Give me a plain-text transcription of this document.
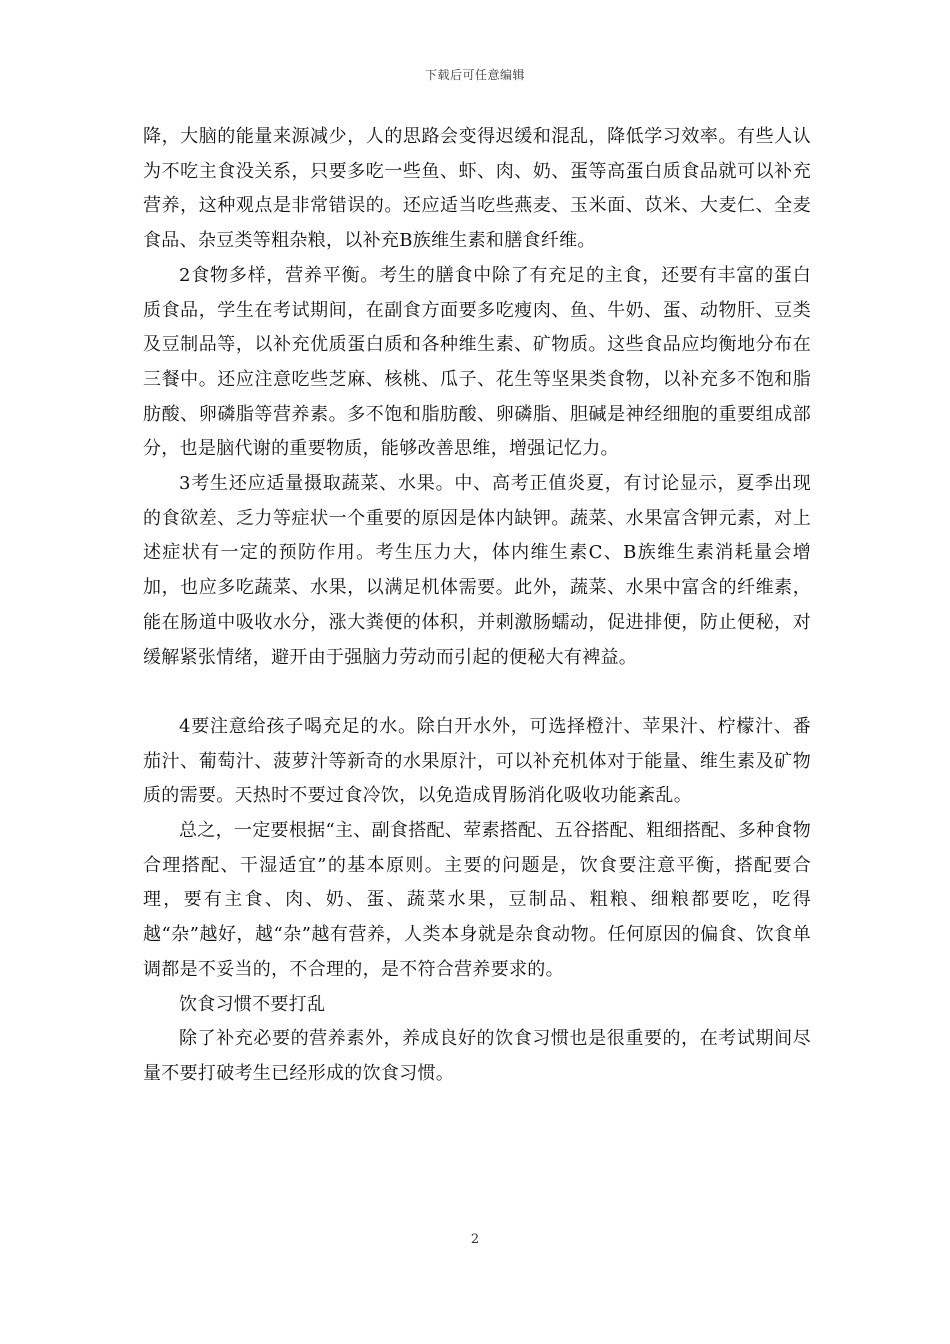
下载后可任意编辑

降，大脑的能量来源减少，人的思路会变得迟缓和混乱，降低学习效率。有些人认为不吃主食没关系，只要多吃一些鱼、虾、肉、奶、蛋等高蛋白质食品就可以补充营养，这种观点是非常错误的。还应适当吃些燕麦、玉米面、苡米、大麦仁、全麦食品、杂豆类等粗杂粮，以补充B族维生素和膳食纤维。

2食物多样，营养平衡。考生的膳食中除了有充足的主食，还要有丰富的蛋白质食品，学生在考试期间，在副食方面要多吃瘦肉、鱼、牛奶、蛋、动物肝、豆类及豆制品等，以补充优质蛋白质和各种维生素、矿物质。这些食品应均衡地分布在三餐中。还应注意吃些芝麻、核桃、瓜子、花生等坚果类食物，以补充多不饱和脂肪酸、卵磷脂等营养素。多不饱和脂肪酸、卵磷脂、胆碱是神经细胞的重要组成部分，也是脑代谢的重要物质，能够改善思维，增强记忆力。

3考生还应适量摄取蔬菜、水果。中、高考正值炎夏，有讨论显示，夏季出现的食欲差、乏力等症状一个重要的原因是体内缺钾。蔬菜、水果富含钾元素，对上述症状有一定的预防作用。考生压力大，体内维生素C、B族维生素消耗量会增加，也应多吃蔬菜、水果，以满足机体需要。此外，蔬菜、水果中富含的纤维素，能在肠道中吸收水分，涨大粪便的体积，并刺激肠蠕动，促进排便，防止便秘，对缓解紧张情绪，避开由于强脑力劳动而引起的便秘大有裨益。

4要注意给孩子喝充足的水。除白开水外，可选择橙汁、苹果汁、柠檬汁、番茄汁、葡萄汁、菠萝汁等新奇的水果原汁，可以补充机体对于能量、维生素及矿物质的需要。天热时不要过食冷饮，以免造成胃肠消化吸收功能紊乱。

总之，一定要根据“主、副食搭配、荤素搭配、五谷搭配、粗细搭配、多种食物合理搭配、干湿适宜”的基本原则。主要的问题是，饮食要注意平衡，搭配要合理，要有主食、肉、奶、蛋、蔬菜水果，豆制品、粗粮、细粮都要吃，吃得越“杂”越好，越“杂”越有营养，人类本身就是杂食动物。任何原因的偏食、饮食单调都是不妥当的，不合理的，是不符合营养要求的。

饮食习惯不要打乱

除了补充必要的营养素外，养成良好的饮食习惯也是很重要的，在考试期间尽量不要打破考生已经形成的饮食习惯。

2
